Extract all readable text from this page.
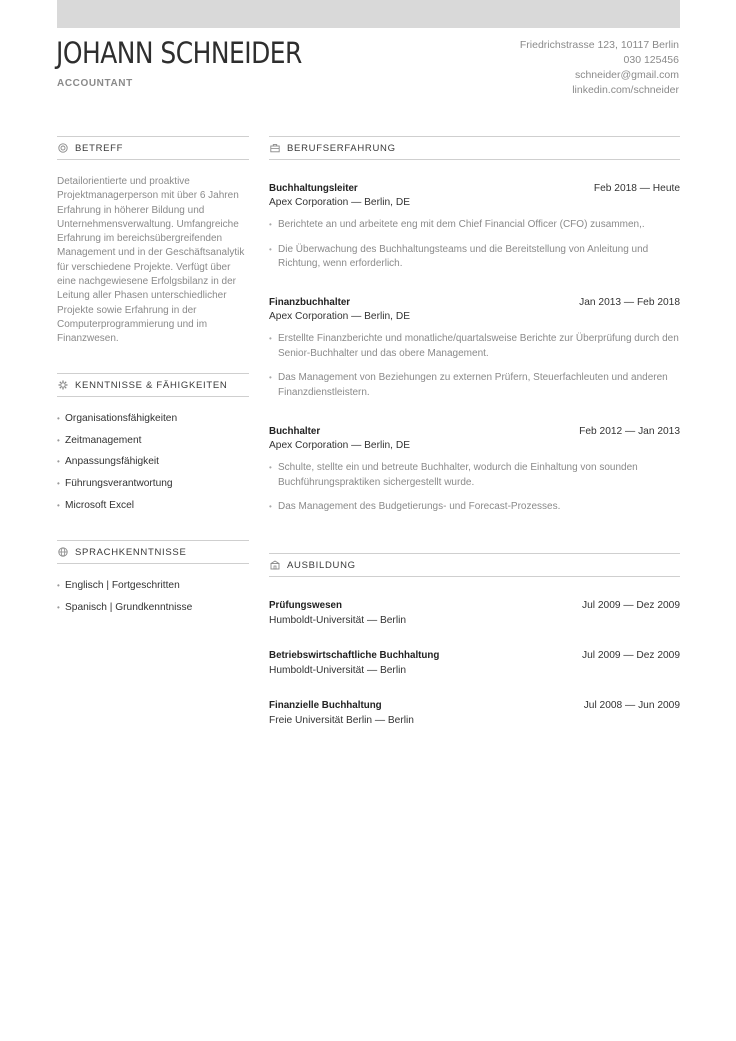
JOHANN SCHNEIDER
ACCOUNTANT
Friedrichstrasse 123, 10117 Berlin
030 125456
schneider@gmail.com
linkedin.com/schneider
BETREFF
Detailorientierte und proaktive Projektmanagerperson mit über 6 Jahren Erfahrung in höherer Bildung und Unternehmensverwaltung. Umfangreiche Erfahrung im bereichsübergreifenden Management und in der Geschäftsanalytik für verschiedene Projekte. Verfügt über eine nachgewiesene Erfolgsbilanz in der Leitung aller Phasen unterschiedlicher Projekte sowie Erfahrung in der Computerprogrammierung und im Finanzwesen.
KENNTNISSE & FÄHIGKEITEN
• Organisationsfähigkeiten
• Zeitmanagement
• Anpassungsfähigkeit
• Führungsverantwortung
• Microsoft Excel
SPRACHKENNTNISSE
• Englisch | Fortgeschritten
• Spanisch | Grundkenntnisse
BERUFSERFAHRUNG
Buchhaltungsleiter	Feb 2018 — Heute
Apex Corporation — Berlin, DE
• Berichtete an und arbeitete eng mit dem Chief Financial Officer (CFO) zusammen,.
• Die Überwachung des Buchhaltungsteams und die Bereitstellung von Anleitung und Richtung, wenn erforderlich.
Finanzbuchhalter	Jan 2013 — Feb 2018
Apex Corporation — Berlin, DE
• Erstellte Finanzberichte und monatliche/quartalsweise Berichte zur Überprüfung durch den Senior-Buchhalter und das obere Management.
• Das Management von Beziehungen zu externen Prüfern, Steuerfachleuten und anderen Finanzdienstleistern.
Buchhalter	Feb 2012 — Jan 2013
Apex Corporation — Berlin, DE
• Schulte, stellte ein und betreute Buchhalter, wodurch die Einhaltung von sounden Buchführungspraktiken sichergestellt wurde.
• Das Management des Budgetierungs- und Forecast-Prozesses.
AUSBILDUNG
Prüfungswesen	Jul 2009 — Dez 2009
Humboldt-Universität — Berlin
Betriebswirtschaftliche Buchhaltung	Jul 2009 — Dez 2009
Humboldt-Universität — Berlin
Finanzielle Buchhaltung	Jul 2008 — Jun 2009
Freie Universität Berlin — Berlin
